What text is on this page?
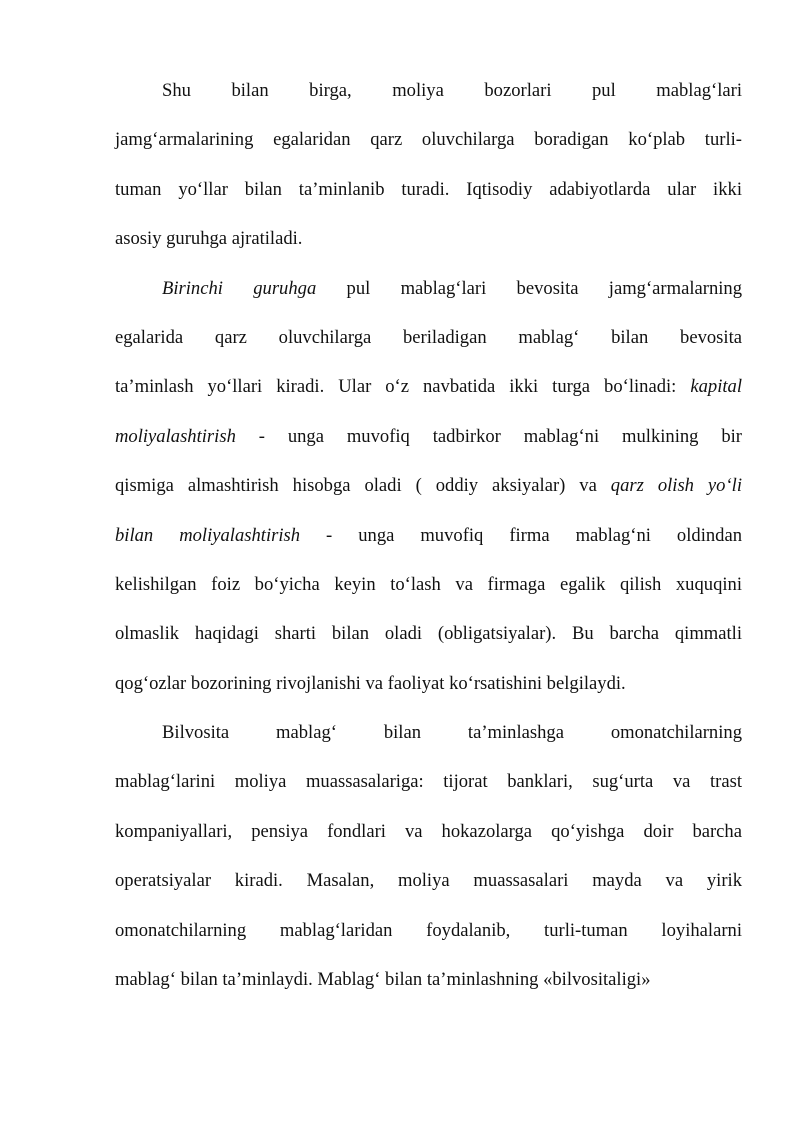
Shu bilan birga, moliya bozorlari pul mablag‘lari
jamg‘armalarining egalaridan qarz oluvchilarga boradigan ko‘plab turli-
tuman yo‘llar bilan ta’minlanib turadi. Iqtisodiy adabiyotlarda ular ikki
asosiy guruhga ajratiladi.
Birinchi guruhga pul mablag‘lari bevosita jamg‘armalarning
egalarida qarz oluvchilarga beriladigan mablag‘ bilan bevosita
ta’minlash yo‘llari kiradi. Ular o‘z navbatida ikki turga bo‘linadi: kapital
moliyalashtirish - unga muvofiq tadbirkor mablag‘ni mulkining bir
qismiga almashtirish hisobga oladi ( oddiy aksiyalar) va qarz olish yo‘li
bilan moliyalashtirish - unga muvofiq firma mablag‘ni oldindan
kelishilgan foiz bo‘yicha keyin to‘lash va firmaga egalik qilish xuquqini
olmaslik haqidagi sharti bilan oladi (obligatsiyalar). Bu barcha qimmatli
qog‘ozlar bozorining rivojlanishi va faoliyat ko‘rsatishini belgilaydi.
Bilvosita mablag‘ bilan ta’minlashga omonatchilarning
mablag‘larini moliya muassasalariga: tijorat banklari, sug‘urta va trast
kompaniyallari, pensiya fondlari va hokazolarga qo‘yishga doir barcha
operatsiyalar kiradi. Masalan, moliya muassasalari mayda va yirik
omonatchilarning mablag‘laridan foydalanib, turli-tuman loyihalarni
mablag‘ bilan ta’minlaydi. Mablag‘ bilan ta’minlashning «bilvositaligi»
